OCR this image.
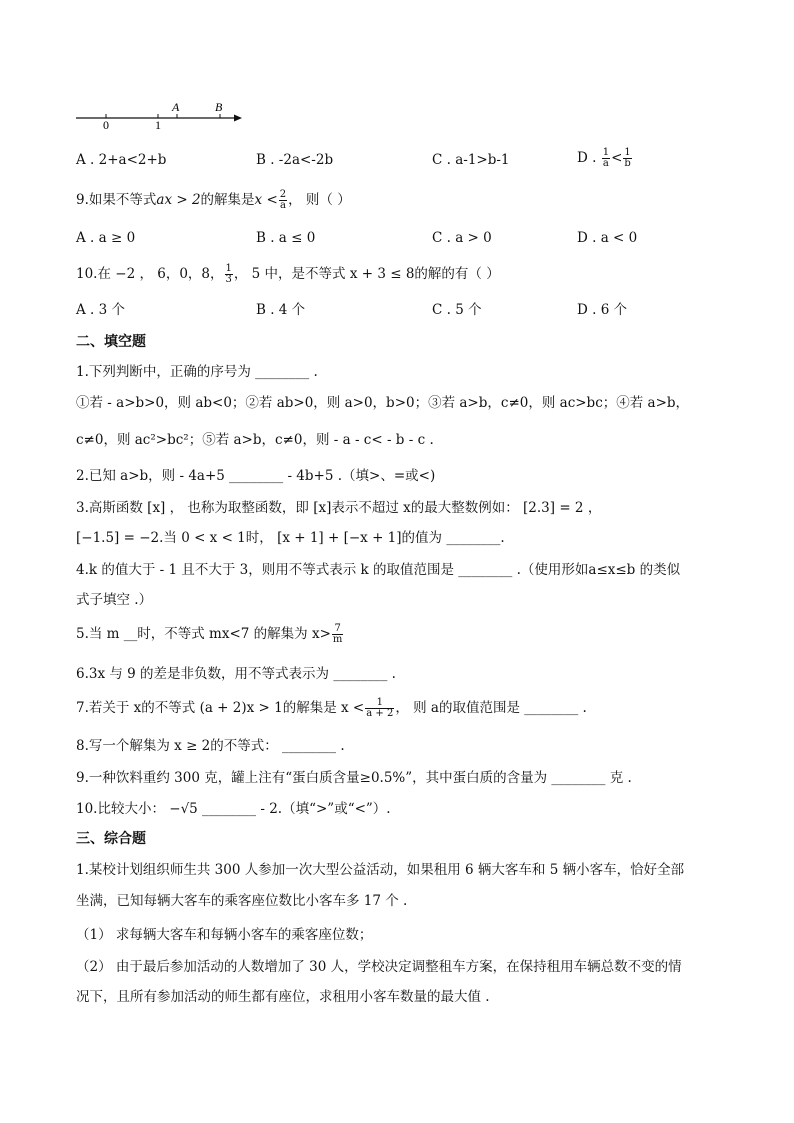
0	1
A	B
A . 2+a<2+b	B . -2a<-2b	C . a-1>b-1	D . $\frac{1}{a} < \frac{1}{b}$
9.如果不等式ax > 2的解集是$x < \frac{2}{a}$ ， 则（ ）
A . a ≥ 0	B . a ≤ 0	C . a > 0	D . a < 0
10.在 −2 ， 6，0，8， $\frac{1}{3}$ ， 5 中，是不等式 x + 3 ≤ 8的解的有（ ）
A . 3 个	B . 4 个	C . 5 个	D . 6 个
二、填空题
1.下列判断中，正确的序号为 ________ .
①若 - a>b>0，则 ab<0；②若 ab>0，则 a>0，b>0；③若 a>b，c≠0，则 ac>bc；④若 a>b，
c≠0，则 ac²>bc²；⑤若 a>b，c≠0，则 - a - c< - b - c .
2.已知 a>b，则 - 4a+5 ________ - 4b+5 .（填>、=或<)
3.高斯函数 [x] ， 也称为取整函数，即 [x]表示不超过 x的最大整数例如： [2.3] = 2 ，
[−1.5] = −2.当 0 < x < 1时， [x + 1] + [−x + 1]的值为 ________.
4.k 的值大于 - 1 且不大于 3，则用不等式表示 k 的取值范围是 ________ .（使用形如a≤x≤b 的类似
式子填空 .）
5.当 m __时，不等式 mx<7 的解集为 $x> \frac{7}{m}$
6.3x 与 9 的差是非负数，用不等式表示为 ________ .
7.若关于 x的不等式 (a + 2)x > 1的解集是 $x < \frac{1}{a + 2}$ ， 则 a的取值范围是 ________ .
8.写一个解集为 x ≥ 2的不等式： ________ .
9.一种饮料重约 300 克，罐上注有“蛋白质含量≥0.5%”，其中蛋白质的含量为 ________ 克 .
10.比较大小： −√5 ________ - 2.（填“>”或“<”）.
三、综合题
1.某校计划组织师生共 300 人参加一次大型公益活动，如果租用 6 辆大客车和 5 辆小客车，恰好全部
坐满，已知每辆大客车的乘客座位数比小客车多 17 个 .
（1） 求每辆大客车和每辆小客车的乘客座位数；
（2） 由于最后参加活动的人数增加了 30 人，学校决定调整租车方案，在保持租用车辆总数不变的情
况下，且所有参加活动的师生都有座位，求租用小客车数量的最大值 .
